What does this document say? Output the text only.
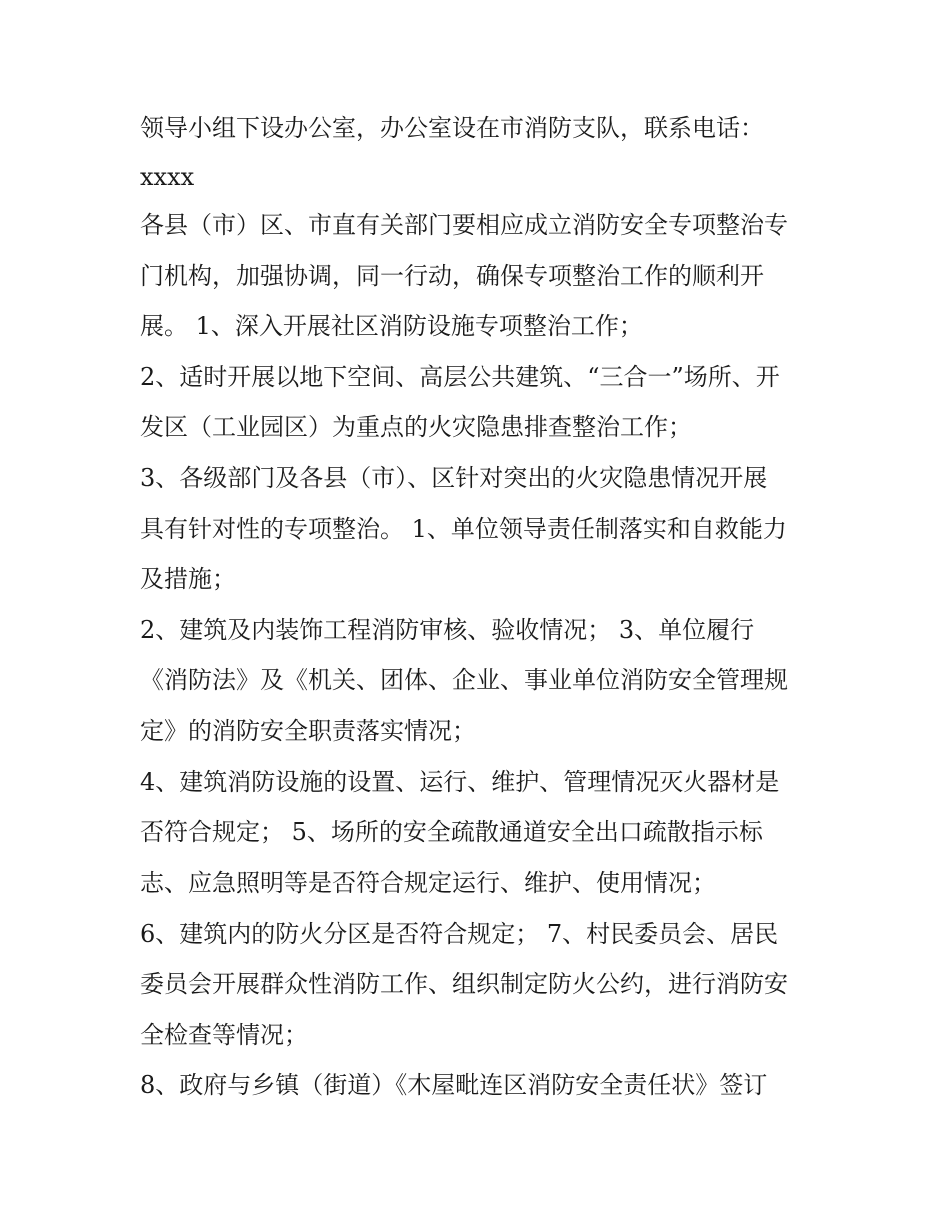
领导小组下设办公室，办公室设在市消防支队，联系电话：
xxxx
各县（市）区、市直有关部门要相应成立消防安全专项整治专
门机构，加强协调，同一行动，确保专项整治工作的顺利开
展。 1、深入开展社区消防设施专项整治工作；
2、适时开展以地下空间、高层公共建筑、“三合一”场所、开
发区（工业园区）为重点的火灾隐患排查整治工作；
3、各级部门及各县（市）、区针对突出的火灾隐患情况开展
具有针对性的专项整治。 1、单位领导责任制落实和自救能力
及措施；
2、建筑及内装饰工程消防审核、验收情况； 3、单位履行
《消防法》及《机关、团体、企业、事业单位消防安全管理规
定》的消防安全职责落实情况；
4、建筑消防设施的设置、运行、维护、管理情况灭火器材是
否符合规定； 5、场所的安全疏散通道安全出口疏散指示标
志、应急照明等是否符合规定运行、维护、使用情况；
6、建筑内的防火分区是否符合规定； 7、村民委员会、居民
委员会开展群众性消防工作、组织制定防火公约，进行消防安
全检查等情况；
8、政府与乡镇（街道）《木屋毗连区消防安全责任状》签订
